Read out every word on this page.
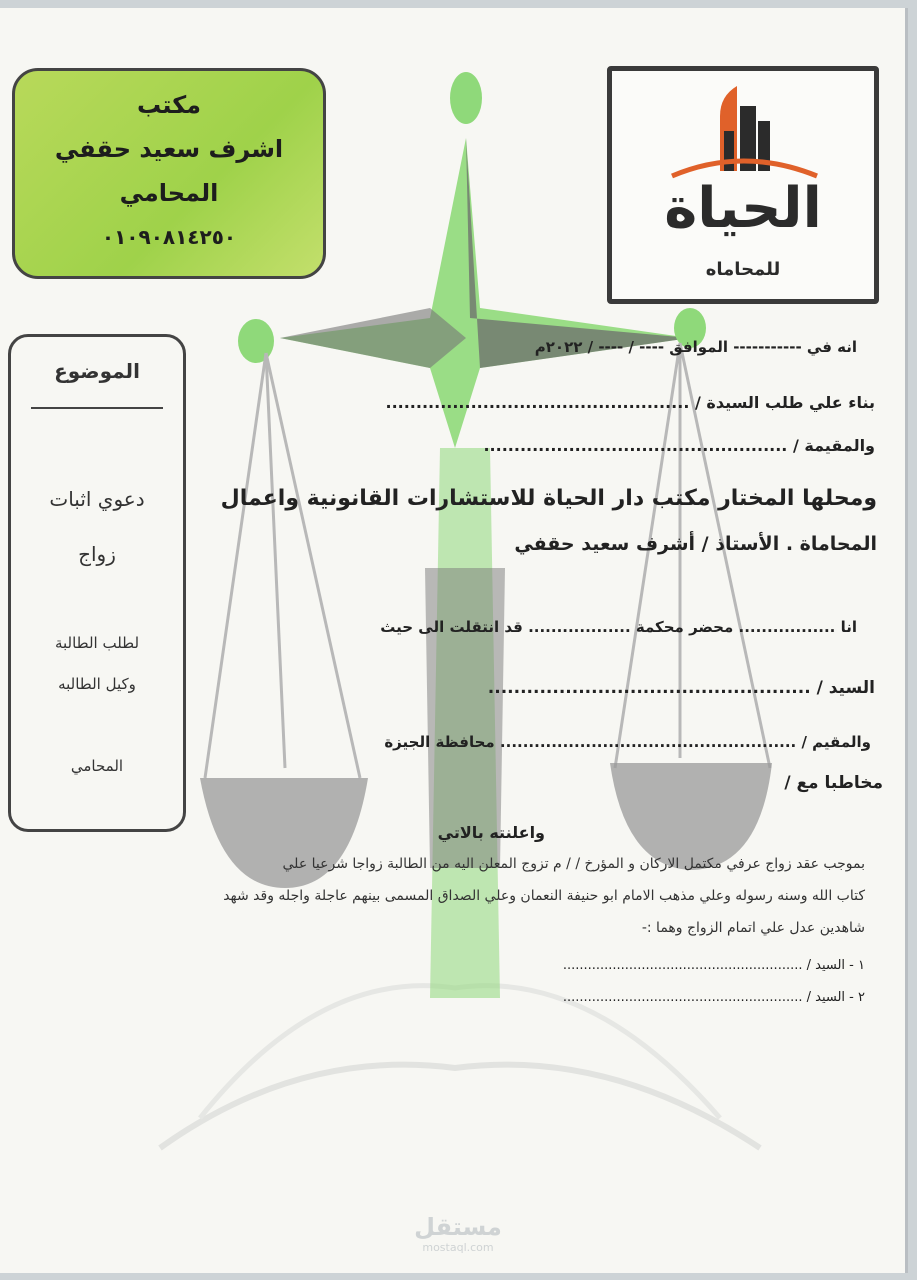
مكتب
اشرف سعيد حقفي
المحامي
٠١٠٩٠٨١٤٢٥٠	الحياة
للمحاماه
الموضوع
دعوي اثبات
زواج
لطلب الطالبة
وكيل الطالبه
المحامي
انه في ----------- الموافق ---- / ---- / ٢٠٢٢م
بناء علي طلب السيدة / ..................................................
والمقيمة / ..................................................
ومحلها المختار مكتب دار الحياة للاستشارات القانونية واعمال
المحاماة . الأستاذ / أشرف سعيد حقفي
انا ................. محضر محكمة .................. قد انتقلت الى حيث
السيد / ..................................................
والمقيم / .................................................... محافظة الجيزة
مخاطبا مع /
واعلنته بالاتي
بموجب عقد زواج عرفي مكتمل الاركان و المؤرخ / / م تزوج المعلن اليه من الطالبة زواجا شرعيا علي
كتاب الله وسنه رسوله وعلي مذهب الامام ابو حنيفة النعمان وعلي الصداق المسمى بينهم عاجلة واجله وقد شهد
شاهدين عدل علي اتمام الزواج وهما :-
١ - السيد / ..........................................................
٢ - السيد / ..........................................................
مستقل
mostaql.com
